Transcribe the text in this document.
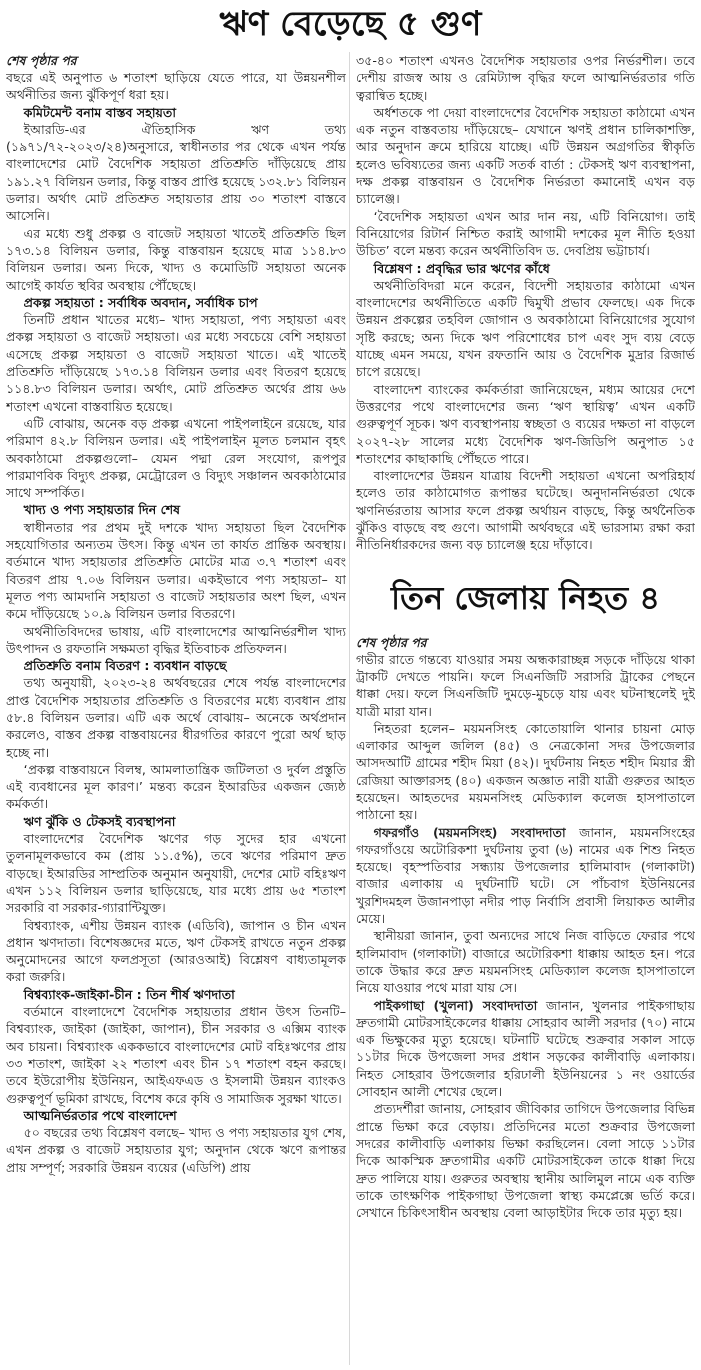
ঋণ বেড়েছে ৫ গুণ
শেষ পৃষ্ঠার পর

বছরে এই অনুপাত ৬ শতাংশ ছাড়িয়ে যেতে পারে, যা উন্নয়নশীল অর্থনীতির জন্য ঝুঁকিপূর্ণ ধরা হয়।

কমিটমেন্ট বনাম বাস্তব সহায়তা

ইআরডি-এর ঐতিহাসিক ঋণ তথ্য (১৯৭১/৭২-২০২৩/২৪)অনুসারে, স্বাধীনতার পর থেকে এখন পর্যন্ত বাংলাদেশের মোট বৈদেশিক সহায়তা প্রতিশ্রুতি দাঁড়িয়েছে প্রায় ১৯১.২৭ বিলিয়ন ডলার, কিন্তু বাস্তব প্রাপ্তি হয়েছে ১৩২.৮১ বিলিয়ন ডলার। অর্থাৎ মোট প্রতিশ্রুত সহায়তার প্রায় ৩০ শতাংশ বাস্তবে আসেনি।

এর মধ্যে শুধু প্রকল্প ও বাজেট সহায়তা খাতেই প্রতিশ্রুতি ছিল ১৭৩.১৪ বিলিয়ন ডলার, কিন্তু বাস্তবায়ন হয়েছে মাত্র ১১৪.৮৩ বিলিয়ন ডলার। অন্য দিকে, খাদ্য ও কমোডিটি সহায়তা অনেক আগেই কার্যত স্থবির অবস্থায় পৌঁছেছে।

প্রকল্প সহায়তা : সর্বাধিক অবদান, সর্বাধিক চাপ

তিনটি প্রধান খাতের মধ্যে– খাদ্য সহায়তা, পণ্য সহায়তা এবং প্রকল্প সহায়তা ও বাজেট সহায়তা। এর মধ্যে সবচেয়ে বেশি সহায়তা এসেছে প্রকল্প সহায়তা ও বাজেট সহায়তা খাতে। এই খাতেই প্রতিশ্রুতি দাঁড়িয়েছে ১৭৩.১৪ বিলিয়ন ডলার এবং বিতরণ হয়েছে ১১৪.৮৩ বিলিয়ন ডলার। অর্থাৎ, মোট প্রতিশ্রুত অর্থের প্রায় ৬৬ শতাংশ এখনো বাস্তবায়িত হয়েছে।

এটি বোঝায়, অনেক বড় প্রকল্প এখনো পাইপলাইনে রয়েছে, যার পরিমাণ ৪২.৮ বিলিয়ন ডলার। এই পাইপলাইন মূলত চলমান বৃহৎ অবকাঠামো প্রকল্পগুলো– যেমন পদ্মা রেল সংযোগ, রূপপুর পারমাণবিক বিদ্যুৎ প্রকল্প, মেট্রোরেল ও বিদ্যুৎ সঞ্চালন অবকাঠামোর সাথে সম্পর্কিত।

খাদ্য ও পণ্য সহায়তার দিন শেষ

স্বাধীনতার পর প্রথম দুই দশকে খাদ্য সহায়তা ছিল বৈদেশিক সহযোগিতার অন্যতম উৎস। কিন্তু এখন তা কার্যত প্রান্তিক অবস্থায়। বর্তমানে খাদ্য সহায়তার প্রতিশ্রুতি মোটের মাত্র ৩.৭ শতাংশ এবং বিতরণ প্রায় ৭.০৬ বিলিয়ন ডলার। একইভাবে পণ্য সহায়তা– যা মূলত পণ্য আমদানি সহায়তা ও বাজেট সহায়তার অংশ ছিল, এখন কমে দাঁড়িয়েছে ১০.৯ বিলিয়ন ডলার বিতরণে।

অর্থনীতিবিদদের ভাষায়, এটি বাংলাদেশের আত্মনির্ভরশীল খাদ্য উৎপাদন ও রফতানি সক্ষমতা বৃদ্ধির ইতিবাচক প্রতিফলন।

প্রতিশ্রুতি বনাম বিতরণ : ব্যবধান বাড়ছে

তথ্য অনুযায়ী, ২০২৩-২৪ অর্থবছরের শেষে পর্যন্ত বাংলাদেশের প্রাপ্ত বৈদেশিক সহায়তার প্রতিশ্রুতি ও বিতরণের মধ্যে ব্যবধান প্রায় ৫৮.৪ বিলিয়ন ডলার। এটি এক অর্থে বোঝায়– অনেকে অর্থপ্রদান করলেও, বাস্তব প্রকল্প বাস্তবায়নের ধীরগতির কারণে পুরো অর্থ ছাড় হচ্ছে না।

‘প্রকল্প বাস্তবায়নে বিলম্ব, আমলাতান্ত্রিক জটিলতা ও দুর্বল প্রস্তুতি এই ব্যবধানের মূল কারণ।’ মন্তব্য করেন ইআরডির একজন জ্যেষ্ঠ কর্মকর্তা।

ঋণ ঝুঁকি ও টেকসই ব্যবস্থাপনা

বাংলাদেশের বৈদেশিক ঋণের গড় সুদের হার এখনো তুলনামূলকভাবে কম (প্রায় ১১.৫%), তবে ঋণের পরিমাণ দ্রুত বাড়ছে। ইআরডির সাম্প্রতিক অনুমান অনুযায়ী, দেশের মোট বহিঃঋণ এখন ১১২ বিলিয়ন ডলার ছাড়িয়েছে, যার মধ্যে প্রায় ৬৫ শতাংশ সরকারি বা সরকার-গ্যারান্টিযুক্ত।

বিশ্বব্যাংক, এশীয় উন্নয়ন ব্যাংক (এডিবি), জাপান ও চীন এখন প্রধান ঋণদাতা। বিশেষজ্ঞদের মতে, ঋণ টেকসই রাখতে নতুন প্রকল্প অনুমোদনের আগে ফলপ্রসূতা (আরওআই) বিশ্লেষণ বাধ্যতামূলক করা জরুরি।

বিশ্বব্যাংক-জাইকা-চীন : তিন শীর্ষ ঋণদাতা

বর্তমানে বাংলাদেশে বৈদেশিক সহায়তার প্রধান উৎস তিনটি– বিশ্বব্যাংক, জাইকা (জাইকা, জাপান), চীন সরকার ও এক্সিম ব্যাংক অব চায়না। বিশ্বব্যাংক এককভাবে বাংলাদেশের মোট বহিঃঋণের প্রায় ৩৩ শতাংশ, জাইকা ২২ শতাংশ এবং চীন ১৭ শতাংশ বহন করছে। তবে ইউরোপীয় ইউনিয়ন, আইএফএড ও ইসলামী উন্নয়ন ব্যাংকও গুরুত্বপূর্ণ ভূমিকা রাখছে, বিশেষ করে কৃষি ও সামাজিক সুরক্ষা খাতে।

আত্মনির্ভরতার পথে বাংলাদেশ

৫০ বছরের তথ্য বিশ্লেষণ বলছে– খাদ্য ও পণ্য সহায়তার যুগ শেষ, এখন প্রকল্প ও বাজেট সহায়তার যুগ; অনুদান থেকে ঋণে রূপান্তর প্রায় সম্পূর্ণ; সরকারি উন্নয়ন ব্যয়ের (এডিপি) প্রায়

৩৫-৪০ শতাংশ এখনও বৈদেশিক সহায়তার ওপর নির্ভরশীল। তবে দেশীয় রাজস্ব আয় ও রেমিট্যান্স বৃদ্ধির ফলে আত্মনির্ভরতার গতি ত্বরান্বিত হচ্ছে।

অর্ধশতকে পা দেয়া বাংলাদেশের বৈদেশিক সহায়তা কাঠামো এখন এক নতুন বাস্তবতায় দাঁড়িয়েছে– যেখানে ঋণই প্রধান চালিকাশক্তি, আর অনুদান ক্রমে হারিয়ে যাচ্ছে। এটি উন্নয়ন অগ্রগতির স্বীকৃতি হলেও ভবিষ্যতের জন্য একটি সতর্ক বার্তা : টেকসই ঋণ ব্যবস্থাপনা, দক্ষ প্রকল্প বাস্তবায়ন ও বৈদেশিক নির্ভরতা কমানোই এখন বড় চ্যালেঞ্জ।

‘বৈদেশিক সহায়তা এখন আর দান নয়, এটি বিনিয়োগ। তাই বিনিয়োগের রিটার্ন নিশ্চিত করাই আগামী দশকের মূল নীতি হওয়া উচিত’ বলে মন্তব্য করেন অর্থনীতিবিদ ড. দেবপ্রিয় ভট্টাচার্য।

বিশ্লেষণ : প্রবৃদ্ধির ভার ঋণের কাঁধে

অর্থনীতিবিদরা মনে করেন, বিদেশী সহায়তার কাঠামো এখন বাংলাদেশের অর্থনীতিতে একটি দ্বিমুখী প্রভাব ফেলছে। এক দিকে উন্নয়ন প্রকল্পের তহবিল জোগান ও অবকাঠামো বিনিয়োগের সুযোগ সৃষ্টি করছে; অন্য দিকে ঋণ পরিশোধের চাপ এবং সুদ ব্যয় বেড়ে যাচ্ছে এমন সময়ে, যখন রফতানি আয় ও বৈদেশিক মুদ্রার রিজার্ভ চাপে রয়েছে।

বাংলাদেশ ব্যাংকের কর্মকর্তারা জানিয়েছেন, মধ্যম আয়ের দেশে উত্তরণের পথে বাংলাদেশের জন্য ‘ঋণ স্থায়িত্ব’ এখন একটি গুরুত্বপূর্ণ সূচক। ঋণ ব্যবস্থাপনায় স্বচ্ছতা ও ব্যয়ের দক্ষতা না বাড়লে ২০২৭-২৮ সালের মধ্যে বৈদেশিক ঋণ-জিডিপি অনুপাত ১৫ শতাংশের কাছাকাছি পৌঁছতে পারে।

বাংলাদেশের উন্নয়ন যাত্রায় বিদেশী সহায়তা এখনো অপরিহার্য হলেও তার কাঠামোগত রূপান্তর ঘটেছে। অনুদাননির্ভরতা থেকে ঋণনির্ভরতায় আসার ফলে প্রকল্প অর্থায়ন বাড়ছে, কিন্তু অর্থনৈতিক ঝুঁকিও বাড়ছে বহু গুণে। আগামী অর্থবছরে এই ভারসাম্য রক্ষা করা নীতিনির্ধারকদের জন্য বড় চ্যালেঞ্জ হয়ে দাঁড়াবে।

তিন জেলায় নিহত ৪
শেষ পৃষ্ঠার পর

গভীর রাতে গন্তব্যে যাওয়ার সময় অন্ধকারাচ্ছন্ন সড়কে দাঁড়িয়ে থাকা ট্রাকটি দেখতে পায়নি। ফলে সিএনজিটি সরাসরি ট্রাকের পেছনে ধাক্কা দেয়। ফলে সিএনজিটি দুমড়ে-মুচড়ে যায় এবং ঘটনাস্থলেই দুই যাত্রী মারা যান।

নিহতরা হলেন– ময়মনসিংহ কোতোয়ালি থানার চায়না মোড় এলাকার আব্দুল জলিল (৪৫) ও নেত্রকোনা সদর উপজেলার আসদআটি গ্রামের শহীদ মিয়া (৪২)। দুর্ঘটনায় নিহত শহীদ মিয়ার স্ত্রী রেজিয়া আক্তারসহ (৪০) একজন অজ্ঞাত নারী যাত্রী গুরুতর আহত হয়েছেন। আহতদের ময়মনসিংহ মেডিক্যাল কলেজ হাসপাতালে পাঠানো হয়।

গফরগাঁও (ময়মনসিংহ) সংবাদদাতা জানান, ময়মনসিংহের গফরগাঁওয়ে অটোরিকশা দুর্ঘটনায় তুবা (৬) নামের এক শিশু নিহত হয়েছে। বৃহস্পতিবার সন্ধ্যায় উপজেলার হালিমাবাদ (গলাকাটা) বাজার এলাকায় এ দুর্ঘটনাটি ঘটে। সে পাঁচবাগ ইউনিয়নের খুরশিদমহল উজানপাড়া নদীর পাড় নির্বাসি প্রবাসী লিয়াকত আলীর মেয়ে।

স্থানীয়রা জানান, তুবা অন্যদের সাথে নিজ বাড়িতে ফেরার পথে হালিমাবাদ (গলাকাটা) বাজারে অটোরিকশা ধাক্কায় আহত হন। পরে তাকে উদ্ধার করে দ্রুত ময়মনসিংহ মেডিক্যাল কলেজ হাসপাতালে নিয়ে যাওয়ার পথে মারা যায় সে।

পাইকগাছা (খুলনা) সংবাদদাতা জানান, খুলনার পাইকগাছায় দ্রুতগামী মোটরসাইকেলের ধাক্কায় সোহরাব আলী সরদার (৭০) নামে এক ভিক্ষুকের মৃত্যু হয়েছে। ঘটনাটি ঘটেছে শুক্রবার সকাল সাড়ে ১১টার দিকে উপজেলা সদর প্রধান সড়কের কালীবাড়ি এলাকায়। নিহত সোহরাব উপজেলার হরিঢালী ইউনিয়নের ১ নং ওয়ার্ডের সোবহান আলী শেখের ছেলে।

প্রত্যদর্শীরা জানায়, সোহরাব জীবিকার তাগিদে উপজেলার বিভিন্ন প্রান্তে ভিক্ষা করে বেড়ায়। প্রতিদিনের মতো শুক্রবার উপজেলা সদরের কালীবাড়ি এলাকায় ভিক্ষা করছিলেন। বেলা সাড়ে ১১টার দিকে আকস্মিক দ্রুতগামীর একটি মোটরসাইকেল তাকে ধাক্কা দিয়ে দ্রুত পালিয়ে যায়। গুরুতর অবস্থায় স্থানীয় আলিমুল নামে এক ব্যক্তি তাকে তাৎক্ষণিক পাইকগাছা উপজেলা স্বাস্থ্য কমপ্লেক্সে ভর্তি করে। সেখানে চিকিৎসাধীন অবস্থায় বেলা আড়াইটার দিকে তার মৃত্যু হয়।
